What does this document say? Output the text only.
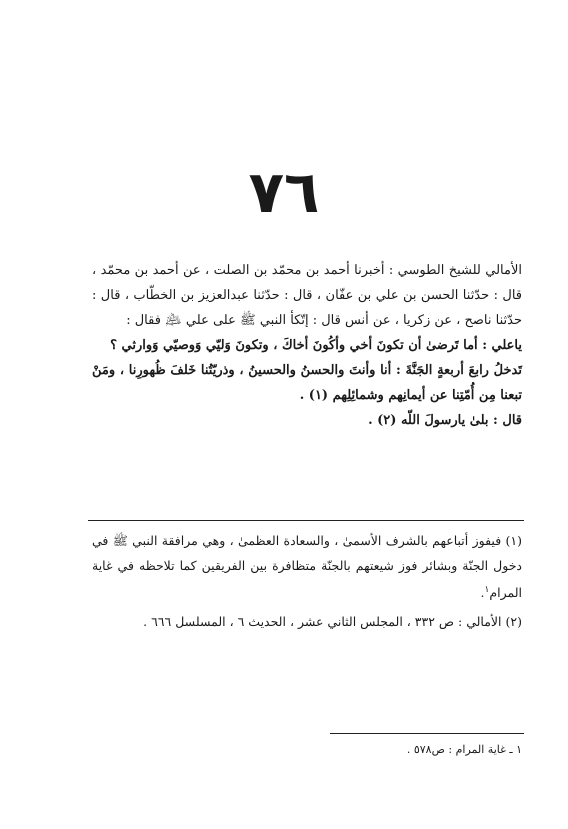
٧٦

الأمالي للشيخ الطوسي : أخبرنا أحمد بن محمّد بن الصلت ، عن أحمد بن محمّد ، قال : حدّثنا الحسن بن علي بن عفّان ، قال : حدّثنا عبدالعزيز بن الخطّاب ، قال : حدّثنا ناصح ، عن زكريا ، عن أنس قال : إتّكأ النبي ﷺ على علي ﵇ فقال :

ياعلي : أما تَرضىٰ أن تكونَ أخي وأكُونَ أخاكَ ، وتكونَ وَليّي وَوصيّي وَوارثي ؟

تَدخلُ رابعَ أربعةٍ الجَنَّةَ : أنا وأنتَ والحسنُ والحسينُ ، وذريّتُنا خَلفَ ظُهورِنا ، ومَنْ تبعنا مِن أُمّتِنا عن أيمانِهم وشمائِلِهم (١) .

قال : بلىٰ يارسولَ اللّه (٢) .

(١) فيفوز أتباعهم بالشرف الأسمىٰ ، والسعادة العظمىٰ ، وهي مرافقة النبي ﷺ في دخول الجنّة وبشائر فوز شيعتهم بالجنّة متظافرة بين الفريقين كما تلاحظه في غاية المرام$^١$.

(٢) الأمالي : ص ٣٣٢ ، المجلس الثاني عشر ، الحديث ٦ ، المسلسل ٦٦٦ .

١ ـ غاية المرام : ص٥٧٨ .
